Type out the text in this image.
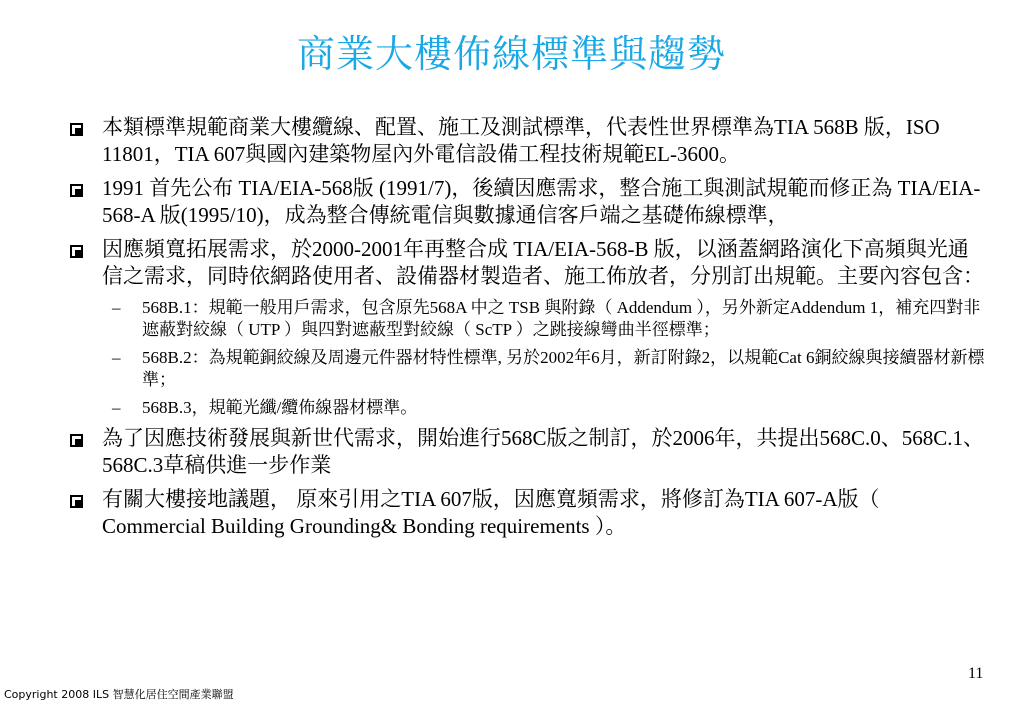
商業大樓佈線標準與趨勢
本類標準規範商業大樓纜線、配置、施工及測試標準，代表性世界標準為TIA 568B 版，ISO 11801，TIA 607與國內建築物屋內外電信設備工程技術規範EL-3600。
1991 首先公布 TIA/EIA-568版 (1991/7)，後續因應需求，整合施工與測試規範而修正為 TIA/EIA-568-A 版(1995/10)，成為整合傳統電信與數據通信客戶端之基礎佈線標準，
因應頻寬拓展需求，於2000-2001年再整合成 TIA/EIA-568-B 版，以涵蓋網路演化下高頻與光通信之需求，同時依網路使用者、設備器材製造者、施工佈放者，分別訂出規範。主要內容包含：
– 568B.1：規範一般用戶需求，包含原先568A 中之 TSB 與附錄（ Addendum ），另外新定Addendum 1，補充四對非遮蔽對絞線（ UTP ）與四對遮蔽型對絞線（ ScTP ）之跳接線彎曲半徑標準；
– 568B.2：為規範銅絞線及周邊元件器材特性標準, 另於2002年6月，新訂附錄2，以規範Cat 6銅絞線與接續器材新標準；
– 568B.3，規範光纖/纜佈線器材標準。
為了因應技術發展與新世代需求，開始進行568C版之制訂，於2006年，共提出568C.0、568C.1、568C.3草稿供進一步作業
有關大樓接地議題， 原來引用之TIA 607版，因應寬頻需求，將修訂為TIA 607-A版（ Commercial Building Grounding& Bonding requirements ）。
11
Copyright 2008 ILS 智慧化居住空間產業聯盟
